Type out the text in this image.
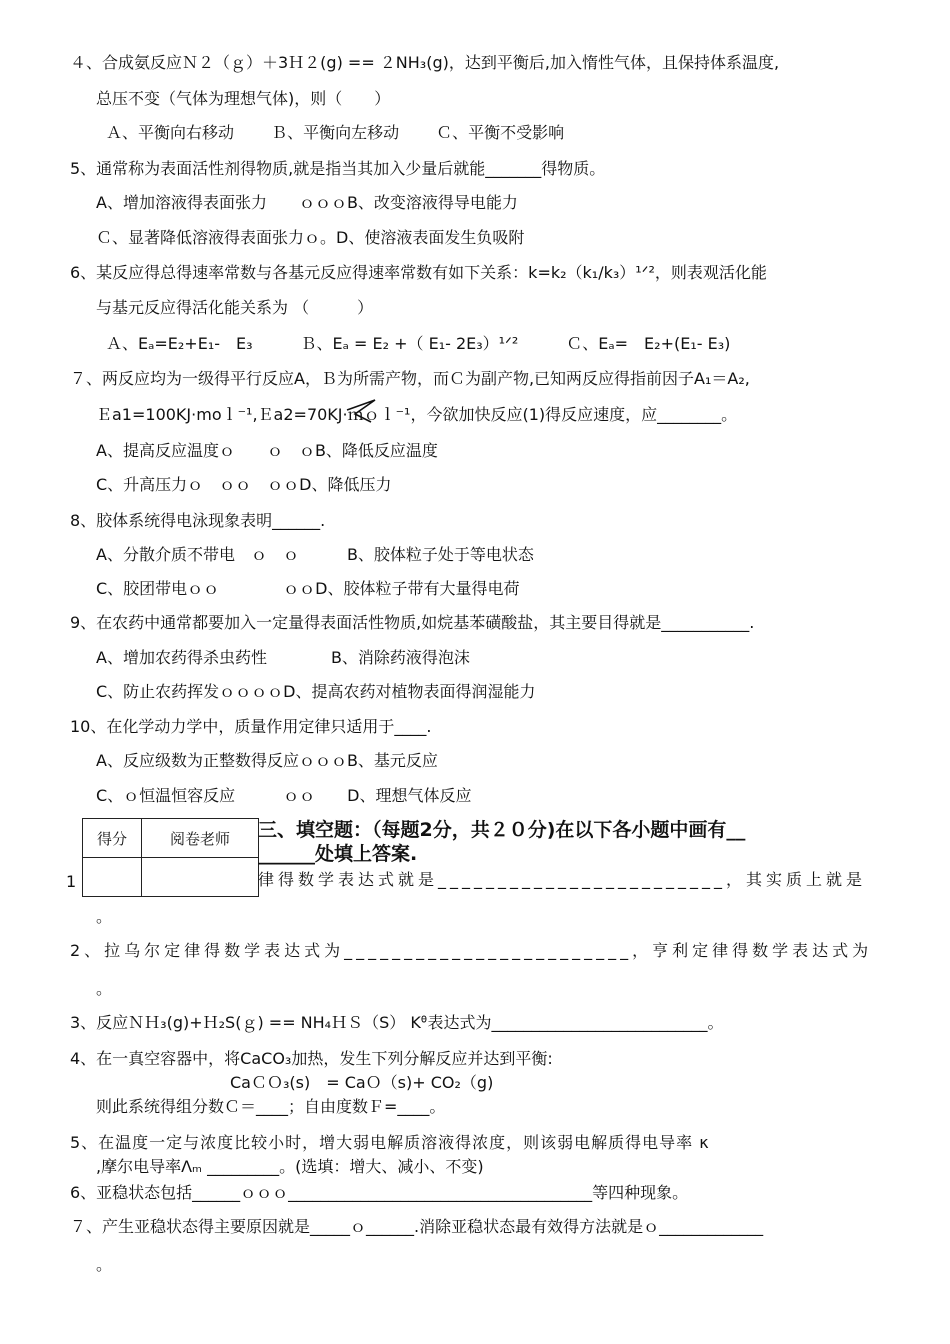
４、合成氨反应Ｎ２（ｇ）＋3Ｈ２(g) == ２NH₃(g)，达到平衡后,加入惰性气体，且保持体系温度,
总压不变（气体为理想气体)，则（　　）
Ａ、平衡向右移动　　 Ｂ、平衡向左移动　　 Ｃ、平衡不受影响
5、通常称为表面活性剂得物质,就是指当其加入少量后就能_______得物质。
A、增加溶液得表面张力　　ｏｏｏB、改变溶液得导电能力
Ｃ、显著降低溶液得表面张力ｏ。D、使溶液表面发生负吸附
6、某反应得总得速率常数与各基元反应得速率常数有如下关系：k=k₂（k₁/k₃）¹ᐟ²，则表观活化能
与基元反应得活化能关系为 （　　　）
Ａ、Eₐ=E₂+E₁-　E₃　　　Ｂ、Eₐ = E₂ +（ E₁- 2E₃）¹ᐟ²　　　Ｃ、Eₐ=　E₂+(E₁- E₃)
７、两反应均为一级得平行反应A，Ｂ为所需产物，而Ｃ为副产物,已知两反应得指前因子A₁＝A₂,
Ｅa1=100KJ·moｌ⁻¹,Ｅa2=70KJ·ｍｏｌ⁻¹，今欲加快反应(1)得反应速度，应________。
A、提高反应温度ｏ　　ｏ　ｏB、降低反应温度
C、升高压力ｏ　ｏｏ　ｏｏD、降低压力
8、胶体系统得电泳现象表明______.
A、分散介质不带电　ｏ　ｏ　　　B、胶体粒子处于等电状态
C、胶团带电ｏｏ　　　　ｏｏD、胶体粒子带有大量得电荷
9、在农药中通常都要加入一定量得表面活性物质,如烷基苯磺酸盐，其主要目得就是___________.
A、增加农药得杀虫药性　　　　B、消除药液得泡沫
C、防止农药挥发ｏｏｏｏD、提高农药对植物表面得润湿能力
10、在化学动力学中，质量作用定律只适用于____.
A、反应级数为正整数得反应ｏｏｏB、基元反应
C、ｏ恒温恒容反应　　　ｏｏ　　D、理想气体反应
得分	阅卷老师
	三、填空题：（每题2分，共２０分)在以下各小题中画有__
______处填上答案.
1	律得数学表达式就是________________________，其实质上就是
。
2、拉乌尔定律得数学表达式为________________________，亨利定律得数学表达式为
。
3、反应ＮＨ₃(g)+Ｈ₂S(ｇ) == NH₄ＨＳ（S） Kᶿ表达式为___________________________。
4、在一真空容器中，将CaCO₃加热，发生下列分解反应并达到平衡:
CaＣＯ₃(s)　= CaＯ（s)+ CO₂（g)
则此系统得组分数Ｃ＝____；自由度数Ｆ=____。
5、在温度一定与浓度比较小时，增大弱电解质溶液得浓度，则该弱电解质得电导率 κ
,摩尔电导率Λₘ _________。(选填：增大、减小、不变)
6、亚稳状态包括______ｏｏｏ______________________________________等四种现象。
７、产生亚稳状态得主要原因就是_____ｏ______.消除亚稳状态最有效得方法就是ｏ_____________
。
